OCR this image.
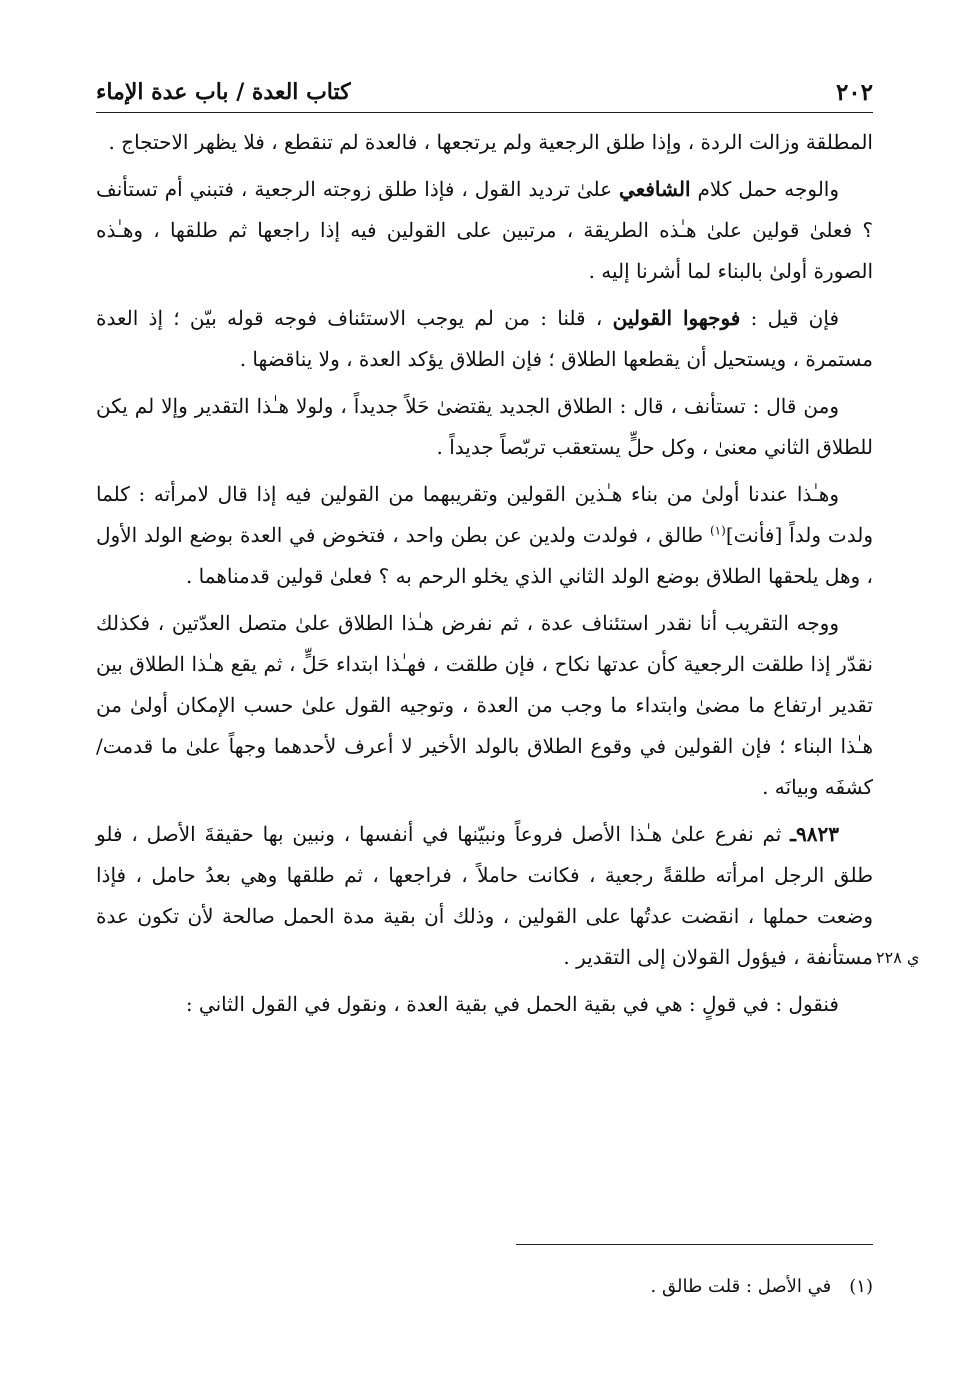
٢٠٢
كتاب العدة / باب عدة الإماء

المطلقة وزالت الردة ، وإذا طلق الرجعية ولم يرتجعها ، فالعدة لم تنقطع ، فلا يظهر الاحتجاج .

والوجه حمل كلام الشافعي علىٰ ترديد القول ، فإذا طلق زوجته الرجعية ، فتبني أم تستأنف ؟ فعلىٰ قولين علىٰ هـٰذه الطريقة ، مرتبين على القولين فيه إذا راجعها ثم طلقها ، وهـٰذه الصورة أولىٰ بالبناء لما أشرنا إليه .

فإن قيل : فوجهوا القولين ، قلنا : من لم يوجب الاستئناف فوجه قوله بيّن ؛ إذ العدة مستمرة ، ويستحيل أن يقطعها الطلاق ؛ فإن الطلاق يؤكد العدة ، ولا يناقضها .

ومن قال : تستأنف ، قال : الطلاق الجديد يقتضىٰ حَلاً جديداً ، ولولا هـٰذا التقدير وإلا لم يكن للطلاق الثاني معنىٰ ، وكل حلٍّ يستعقب تربّصاً جديداً .

وهـٰذا عندنا أولىٰ من بناء هـٰذين القولين وتقريبهما من القولين فيه إذا قال لامرأته : كلما ولدت ولداً [فأنت]$^{(١)}$ طالق ، فولدت ولدين عن بطن واحد ، فتخوض في العدة بوضع الولد الأول ، وهل يلحقها الطلاق بوضع الولد الثاني الذي يخلو الرحم به ؟ فعلىٰ قولين قدمناهما .

ووجه التقريب أنا نقدر استئناف عدة ، ثم نفرض هـٰذا الطلاق علىٰ متصل العدّتين ، فكذلك نقدّر إذا طلقت الرجعية كأن عدتها نكاح ، فإن طلقت ، فهـٰذا ابتداء حَلٍّ ، ثم يقع هـٰذا الطلاق بين تقدير ارتفاع ما مضىٰ وابتداء ما وجب من العدة ، وتوجيه القول علىٰ حسب الإمكان أولىٰ من هـٰذا البناء ؛ فإن القولين في وقوع الطلاق بالولد الأخير لا أعرف لأحدهما وجهاً علىٰ ما قدمت/ كشفَه وبيانَه .

٩٨٢٣ـ ثم نفرع علىٰ هـٰذا الأصل فروعاً ونبيّنها في أنفسها ، ونبين بها حقيقةَ الأصل ، فلو طلق الرجل امرأته طلقةً رجعية ، فكانت حاملاً ، فراجعها ، ثم طلقها وهي بعدُ حامل ، فإذا وضعت حملها ، انقضت عدتُها على القولين ، وذلك أن بقية مدة الحمل صالحة لأن تكون عدة مستأنفة ، فيؤول القولان إلى التقدير .

فنقول : في قولٍ : هي في بقية الحمل في بقية العدة ، ونقول في القول الثاني :

ي ٢٢٨
(١)في الأصل : قلت طالق .
